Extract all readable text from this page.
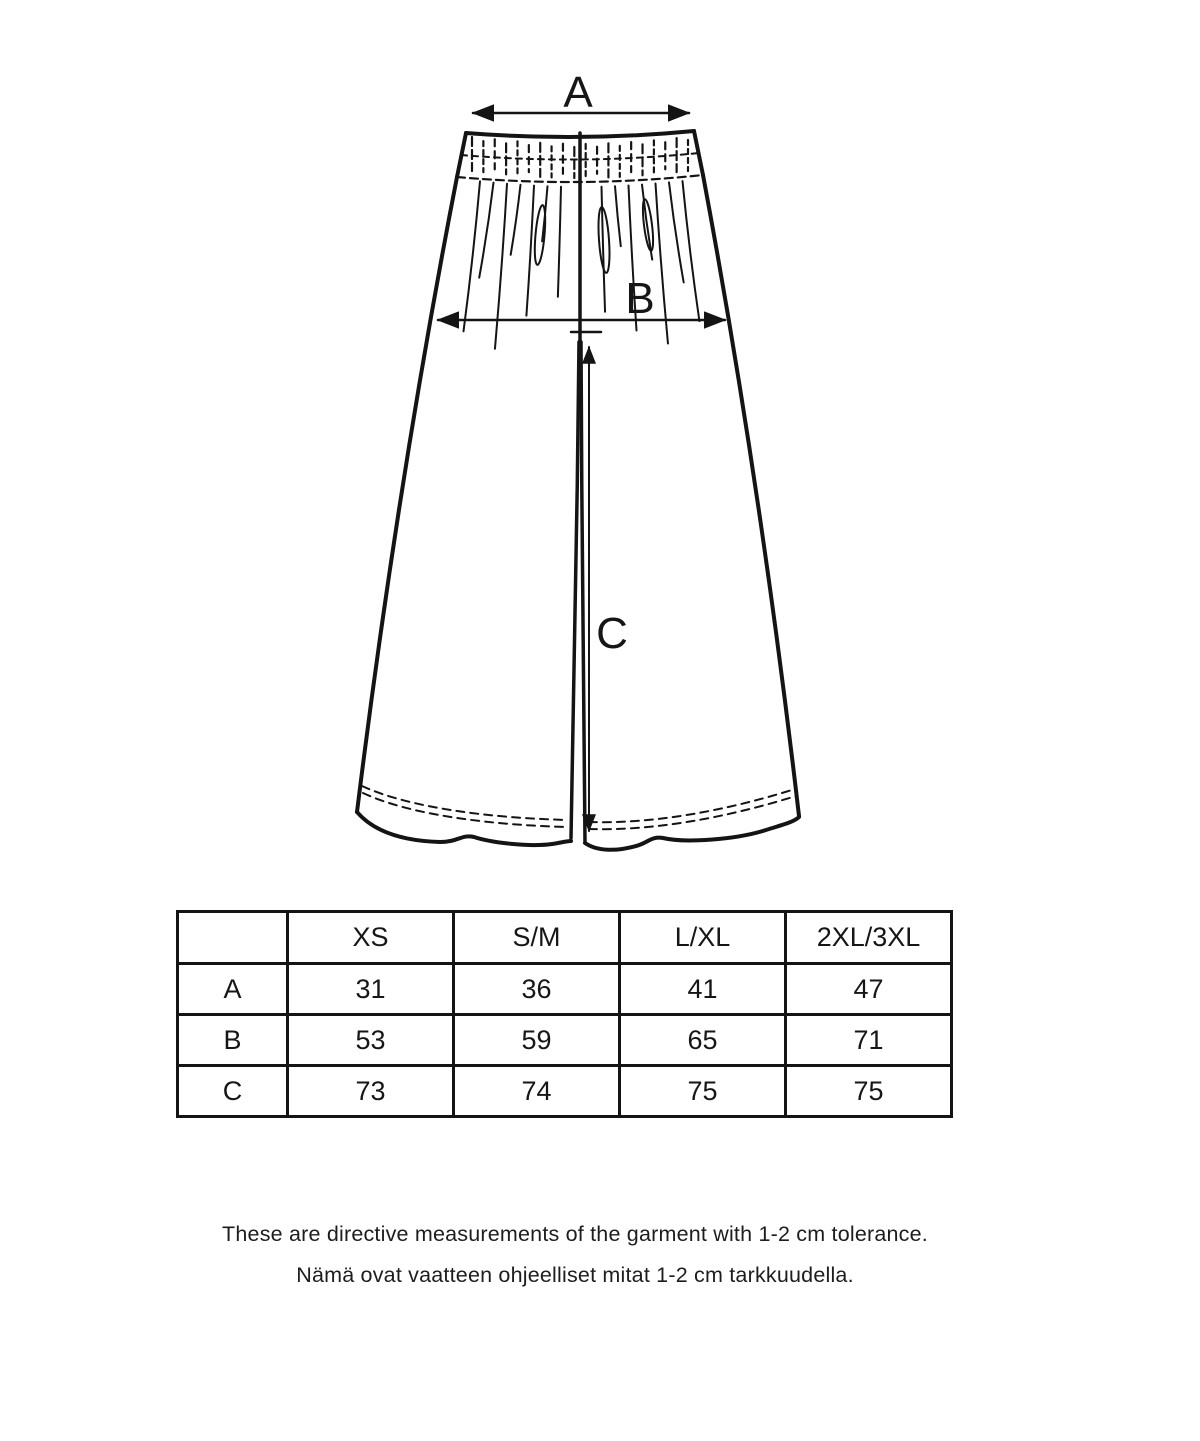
A
B
C
	XS	S/M	L/XL	2XL/3XL
A	31	36	41	47
B	53	59	65	71
C	73	74	75	75

These are directive measurements of the garment with 1-2 cm tolerance.

Nämä ovat vaatteen ohjeelliset mitat 1-2 cm tarkkuudella.
